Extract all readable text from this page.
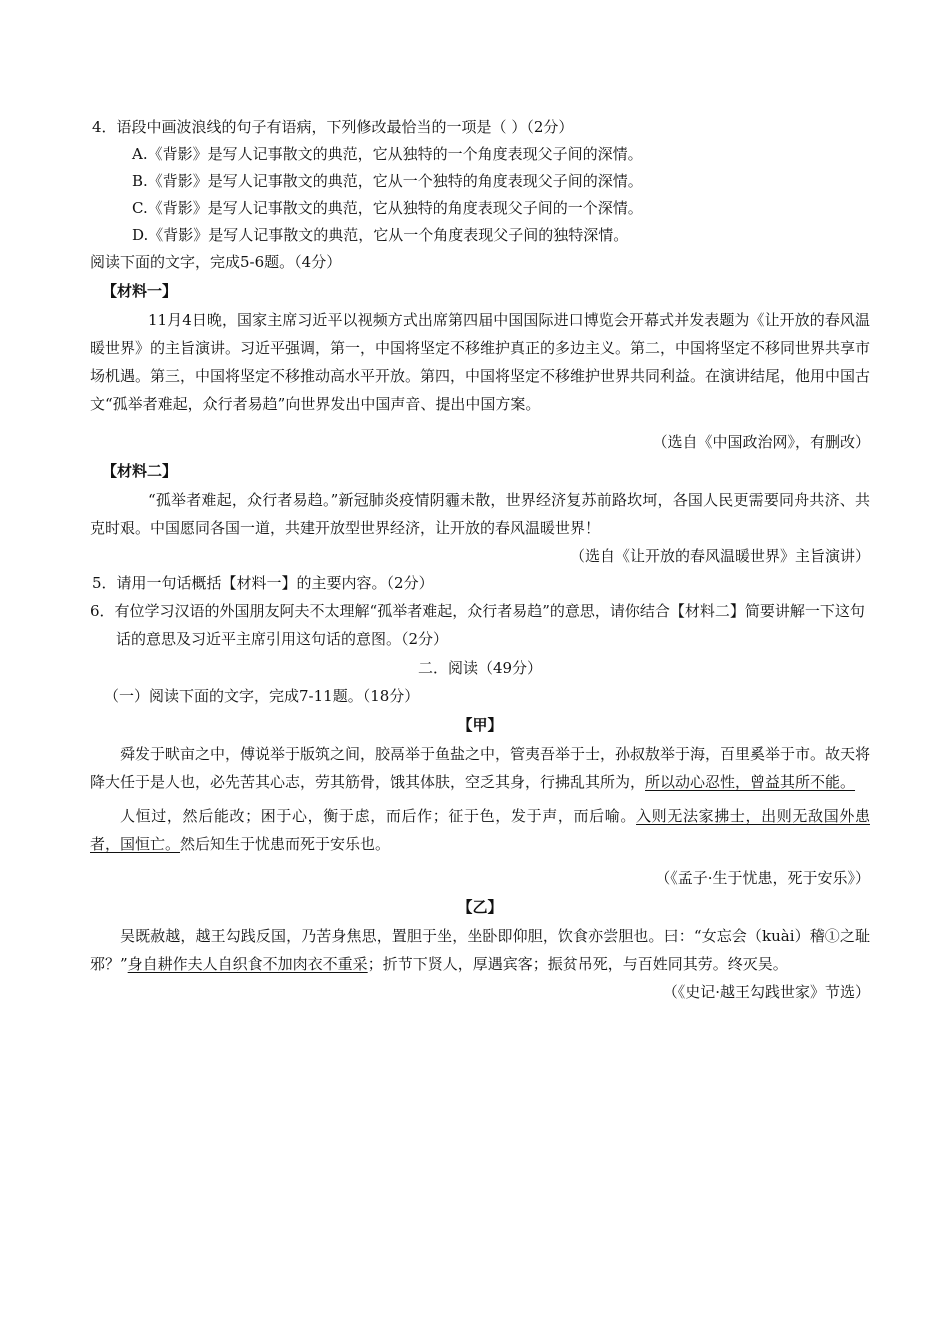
4．语段中画波浪线的句子有语病，下列修改最恰当的一项是（ ）（2分）
A.《背影》是写人记事散文的典范，它从独特的一个角度表现父子间的深情。
B.《背影》是写人记事散文的典范，它从一个独特的角度表现父子间的深情。
C.《背影》是写人记事散文的典范，它从独特的角度表现父子间的一个深情。
D.《背影》是写人记事散文的典范，它从一个角度表现父子间的独特深情。
阅读下面的文字，完成5-6题。（4分）
【材料一】
11月4日晚，国家主席习近平以视频方式出席第四届中国国际进口博览会开幕式并发表题为《让开放的春风温暖世界》的主旨演讲。习近平强调，第一，中国将坚定不移维护真正的多边主义。第二，中国将坚定不移同世界共享市场机遇。第三，中国将坚定不移推动高水平开放。第四，中国将坚定不移维护世界共同利益。在演讲结尾，他用中国古文“孤举者难起，众行者易趋”向世界发出中国声音、提出中国方案。
（选自《中国政治网》，有删改）
【材料二】
“孤举者难起，众行者易趋。”新冠肺炎疫情阴霾未散，世界经济复苏前路坎坷，各国人民更需要同舟共济、共克时艰。中国愿同各国一道，共建开放型世界经济，让开放的春风温暖世界！
（选自《让开放的春风温暖世界》主旨演讲）
5．请用一句话概括【材料一】的主要内容。（2分）
6．有位学习汉语的外国朋友阿夫不太理解“孤举者难起，众行者易趋”的意思，请你结合【材料二】简要讲解一下这句话的意思及习近平主席引用这句话的意图。（2分）
二．阅读（49分）
（一）阅读下面的文字，完成7-11题。（18分）
【甲】
舜发于畎亩之中，傅说举于版筑之间，胶鬲举于鱼盐之中，管夷吾举于士，孙叔敖举于海，百里奚举于市。故天将降大任于是人也，必先苦其心志，劳其筋骨，饿其体肤，空乏其身，行拂乱其所为，所以动心忍性，曾益其所不能。
人恒过，然后能改；困于心，衡于虑，而后作；征于色，发于声，而后喻。入则无法家拂士，出则无敌国外患者，国恒亡。然后知生于忧患而死于安乐也。
（《孟子·生于忧患，死于安乐》）
【乙】
吴既赦越，越王勾践反国，乃苦身焦思，置胆于坐，坐卧即仰胆，饮食亦尝胆也。曰：“女忘会（kuài）稽①之耻邪？”身自耕作夫人自织食不加肉衣不重采；折节下贤人，厚遇宾客；振贫吊死，与百姓同其劳。终灭吴。
（《史记·越王勾践世家》节选）
